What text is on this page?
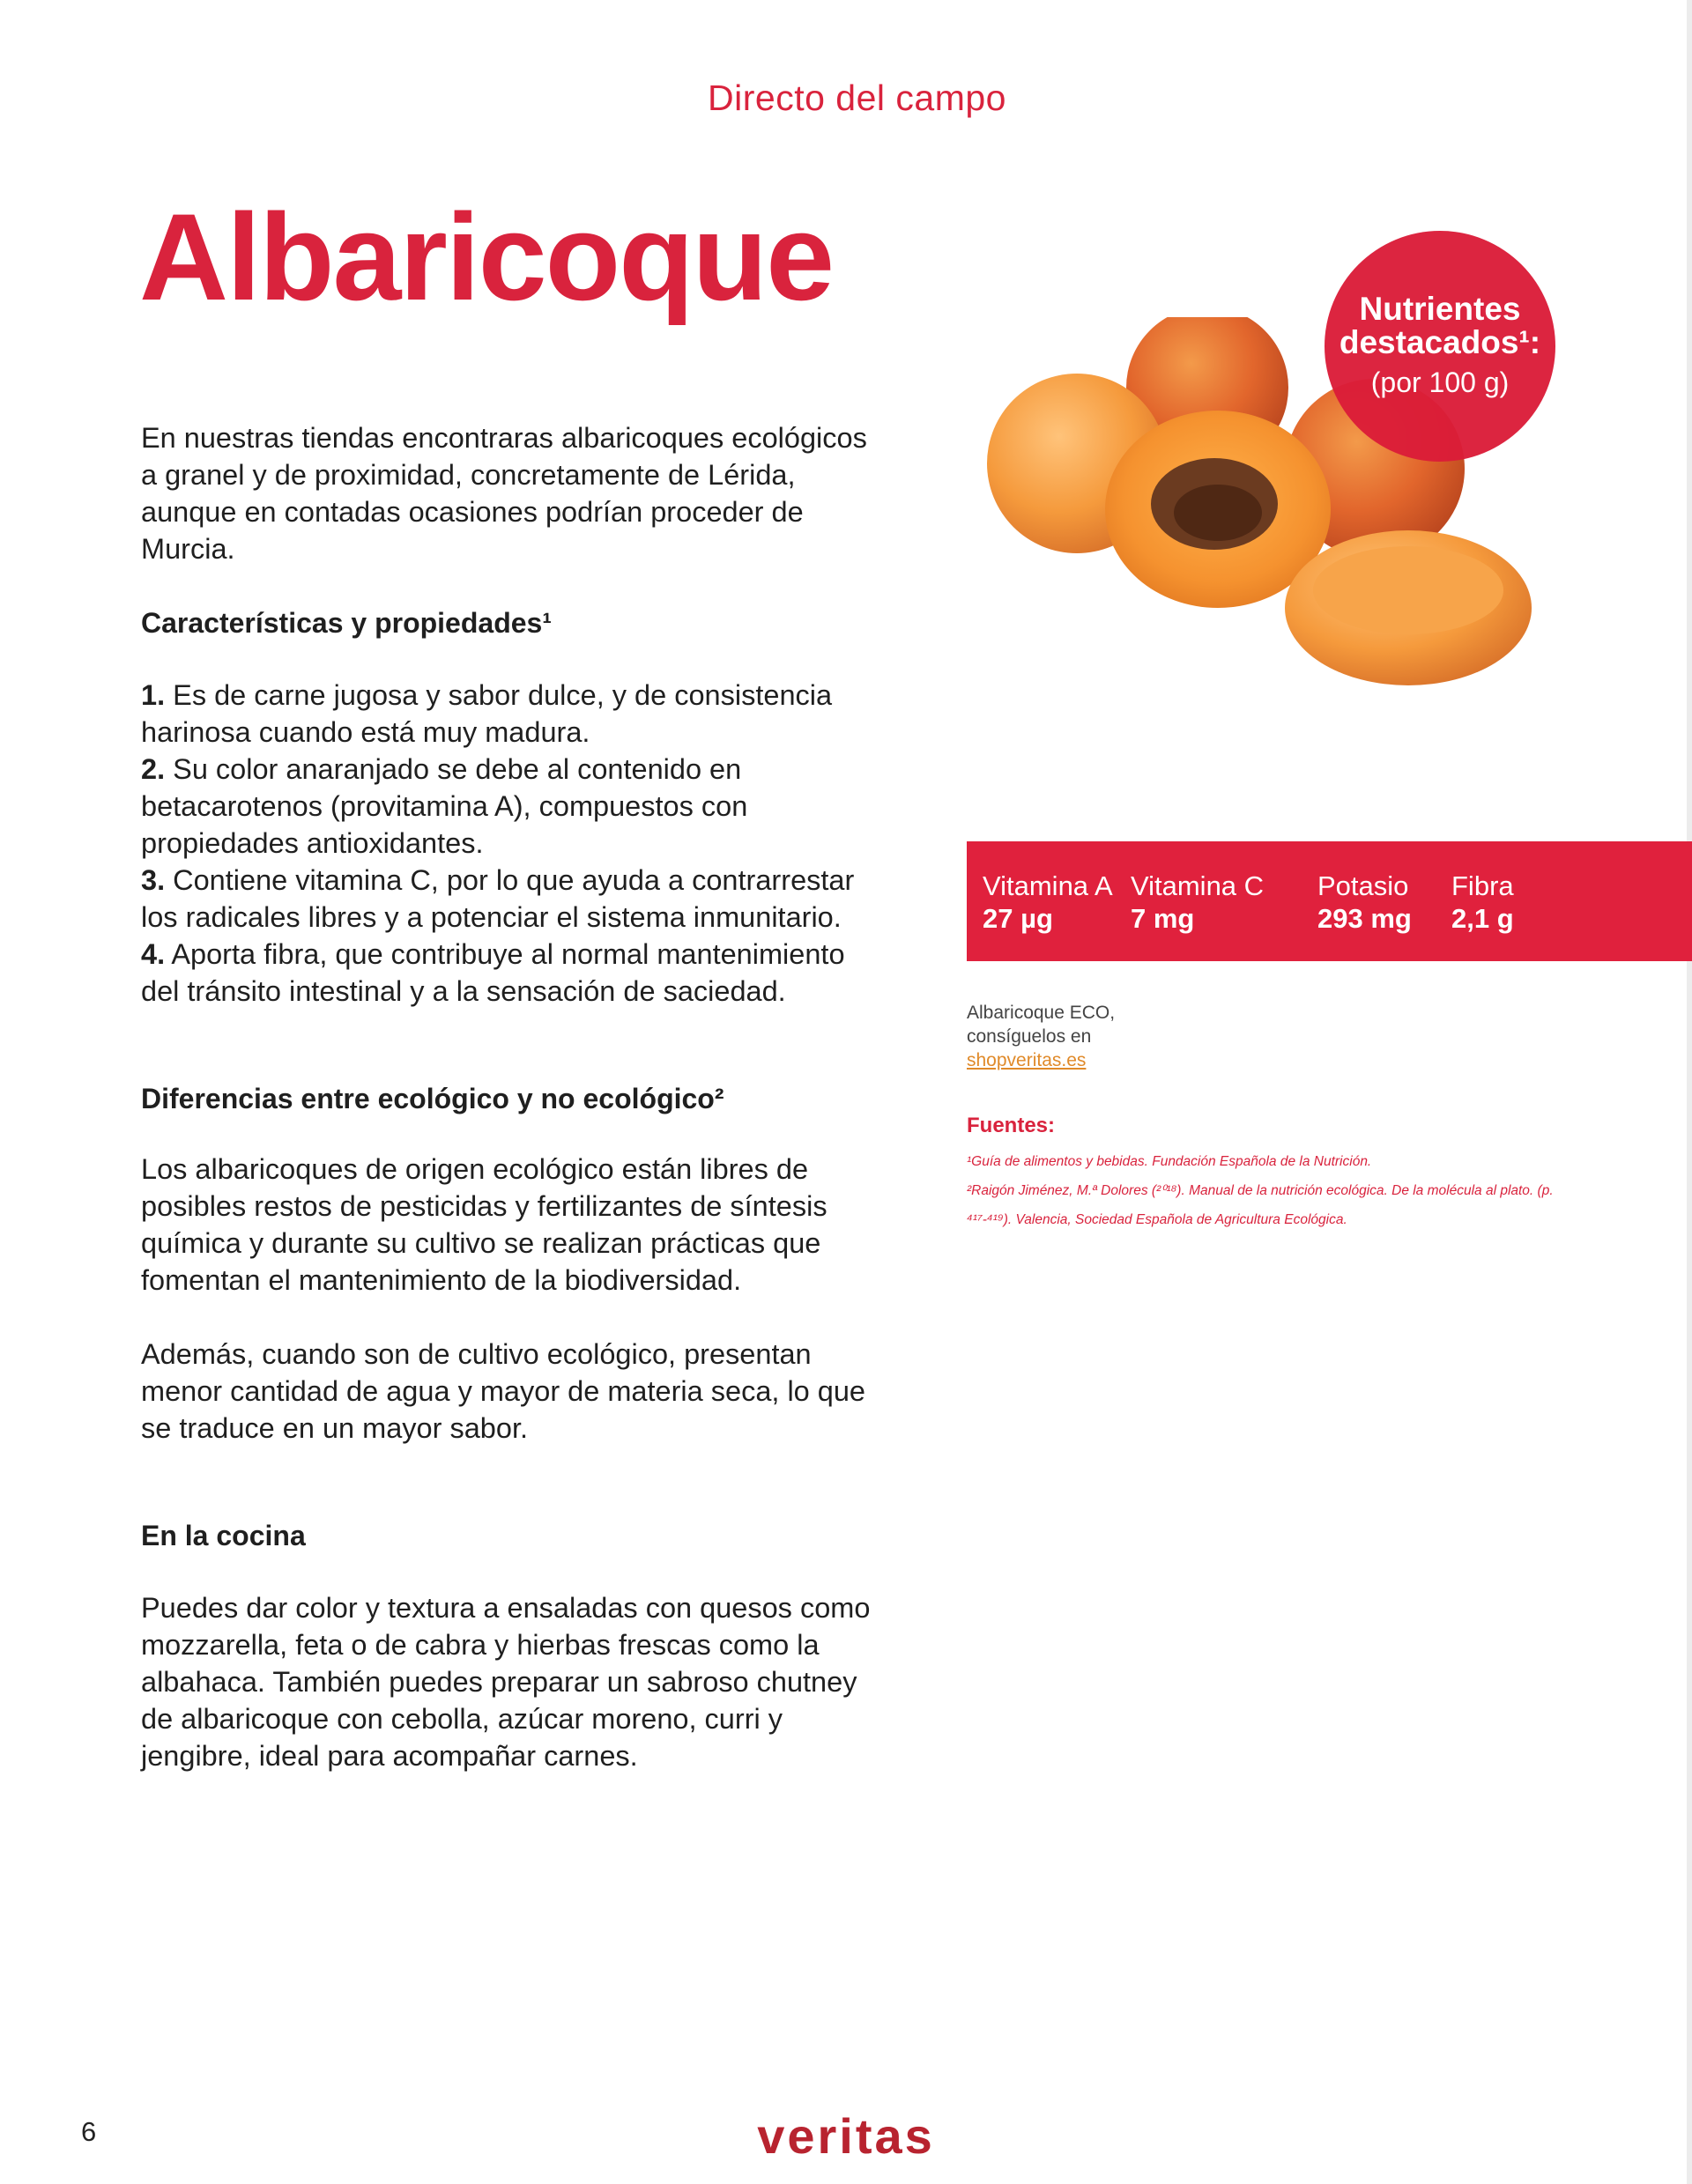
Directo del campo
Albaricoque

En nuestras tiendas encontraras albaricoques ecológicos a granel y de proximidad, concretamente de Lérida, aunque en contadas ocasiones podrían proceder de Murcia.

Características y propiedades¹

1. Es de carne jugosa y sabor dulce, y de consistencia harinosa cuando está muy madura.

2. Su color anaranjado se debe al contenido en betacarotenos (provitamina A), compuestos con propiedades antioxidantes.

3. Contiene vitamina C, por lo que ayuda a contrarrestar los radicales libres y a potenciar el sistema inmunitario.

4. Aporta fibra, que contribuye al normal mantenimiento del tránsito intestinal y a la sensación de saciedad.

Diferencias entre ecológico y no ecológico²

Los albaricoques de origen ecológico están libres de posibles restos de pesticidas y fertilizantes de síntesis química y durante su cultivo se realizan prácticas que fomentan el mantenimiento de la biodiversidad.

Además, cuando son de cultivo ecológico, presentan menor cantidad de agua y mayor de materia seca, lo que se traduce en un mayor sabor.

En la cocina

Puedes dar color y textura a ensaladas con quesos como mozzarella, feta o de cabra y hierbas frescas como la albahaca. También puedes preparar un sabroso chutney de albaricoque con cebolla, azúcar moreno, curri y jengibre, ideal para acompañar carnes.

Nutrientes
destacados¹:
(por 100 g)
Vitamina A
27 µg
Vitamina C
7 mg
Potasio
293 mg
Fibra
2,1 g
Albaricoque ECO,
consíguelos en
shopveritas.es
Fuentes:
¹Guía de alimentos y bebidas. Fundación Española de la Nutrición.
²Raigón Jiménez, M.ª Dolores (²⁰¹⁸). Manual de la nutrición ecológica. De la molécula al plato. (p.
⁴¹⁷-⁴¹⁹). Valencia, Sociedad Española de Agricultura Ecológica.
6	veritas
